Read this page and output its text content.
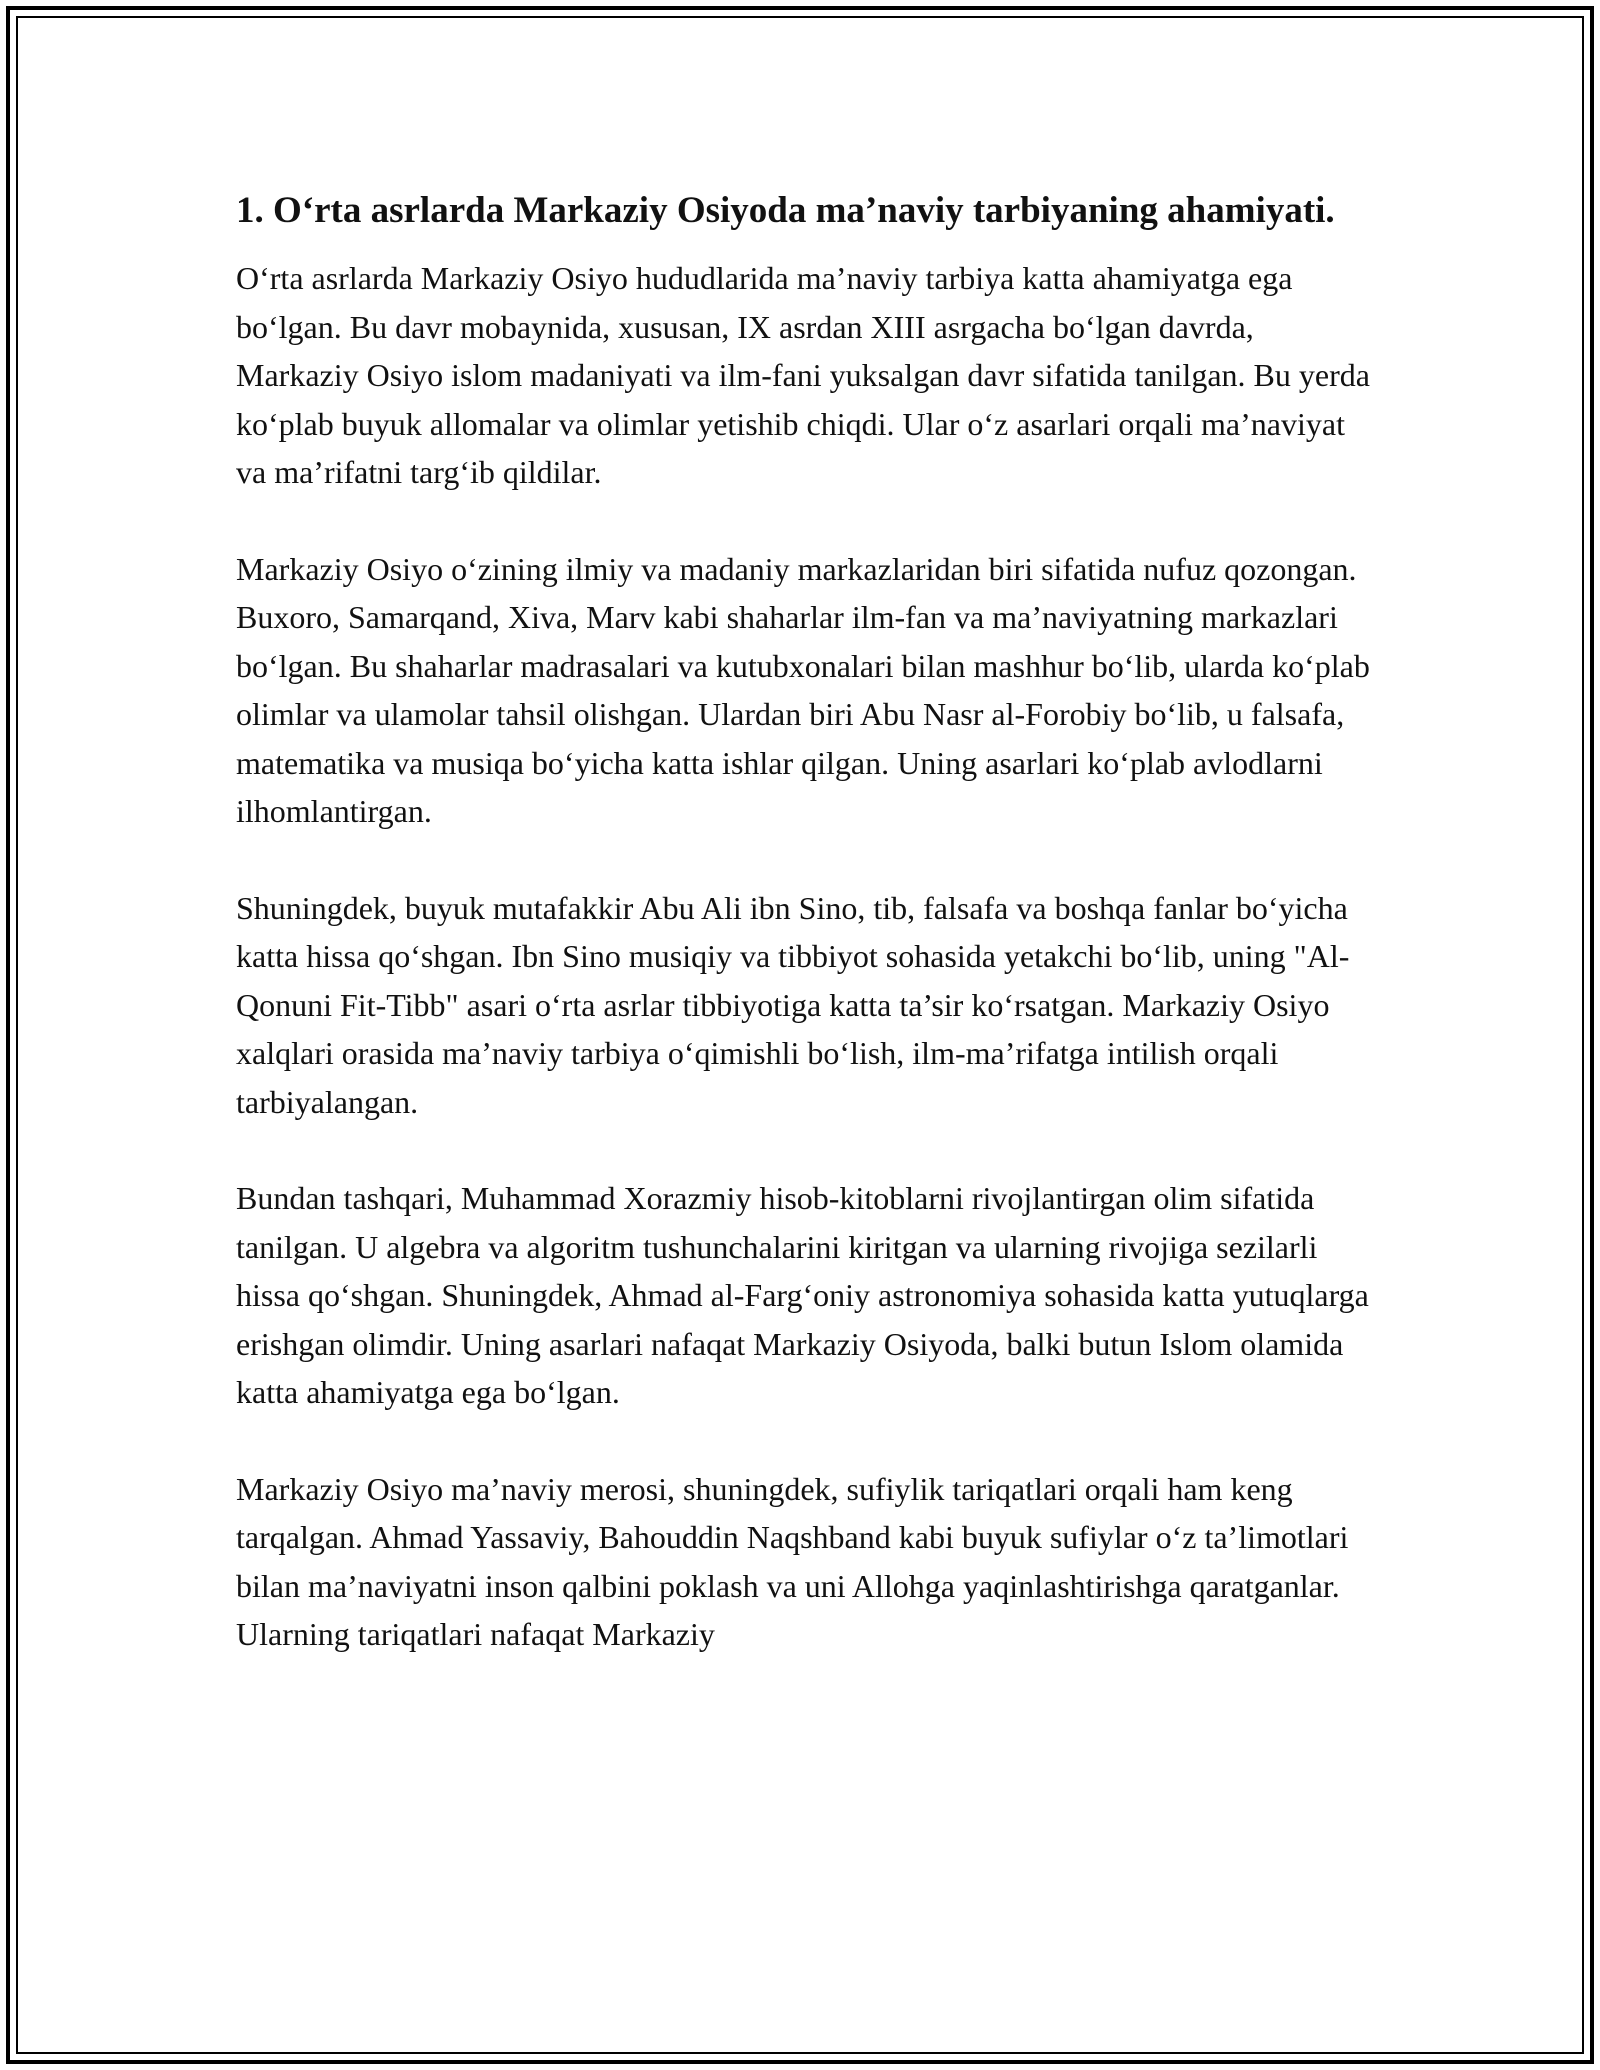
1. O‘rta asrlarda Markaziy Osiyoda ma’naviy tarbiyaning ahamiyati.

O‘rta asrlarda Markaziy Osiyo hududlarida ma’naviy tarbiya katta ahamiyatga ega bo‘lgan. Bu davr mobaynida, xususan, IX asrdan XIII asrgacha bo‘lgan davrda, Markaziy Osiyo islom madaniyati va ilm-fani yuksalgan davr sifatida tanilgan. Bu yerda ko‘plab buyuk allomalar va olimlar yetishib chiqdi. Ular o‘z asarlari orqali ma’naviyat va ma’rifatni targ‘ib qildilar.

Markaziy Osiyo o‘zining ilmiy va madaniy markazlaridan biri sifatida nufuz qozongan. Buxoro, Samarqand, Xiva, Marv kabi shaharlar ilm-fan va ma’naviyatning markazlari bo‘lgan. Bu shaharlar madrasalari va kutubxonalari bilan mashhur bo‘lib, ularda ko‘plab olimlar va ulamolar tahsil olishgan. Ulardan biri Abu Nasr al-Forobiy bo‘lib, u falsafa, matematika va musiqa bo‘yicha katta ishlar qilgan. Uning asarlari ko‘plab avlodlarni ilhomlantirgan.

Shuningdek, buyuk mutafakkir Abu Ali ibn Sino, tib, falsafa va boshqa fanlar bo‘yicha katta hissa qo‘shgan. Ibn Sino musiqiy va tibbiyot sohasida yetakchi bo‘lib, uning "Al-Qonuni Fit-Tibb" asari o‘rta asrlar tibbiyotiga katta ta’sir ko‘rsatgan. Markaziy Osiyo xalqlari orasida ma’naviy tarbiya o‘qimishli bo‘lish, ilm-ma’rifatga intilish orqali tarbiyalangan.

Bundan tashqari, Muhammad Xorazmiy hisob-kitoblarni rivojlantirgan olim sifatida tanilgan. U algebra va algoritm tushunchalarini kiritgan va ularning rivojiga sezilarli hissa qo‘shgan. Shuningdek, Ahmad al-Farg‘oniy astronomiya sohasida katta yutuqlarga erishgan olimdir. Uning asarlari nafaqat Markaziy Osiyoda, balki butun Islom olamida katta ahamiyatga ega bo‘lgan.

Markaziy Osiyo ma’naviy merosi, shuningdek, sufiylik tariqatlari orqali ham keng tarqalgan. Ahmad Yassaviy, Bahouddin Naqshband kabi buyuk sufiylar o‘z ta’limotlari bilan ma’naviyatni inson qalbini poklash va uni Allohga yaqinlashtirishga qaratganlar. Ularning tariqatlari nafaqat Markaziy
